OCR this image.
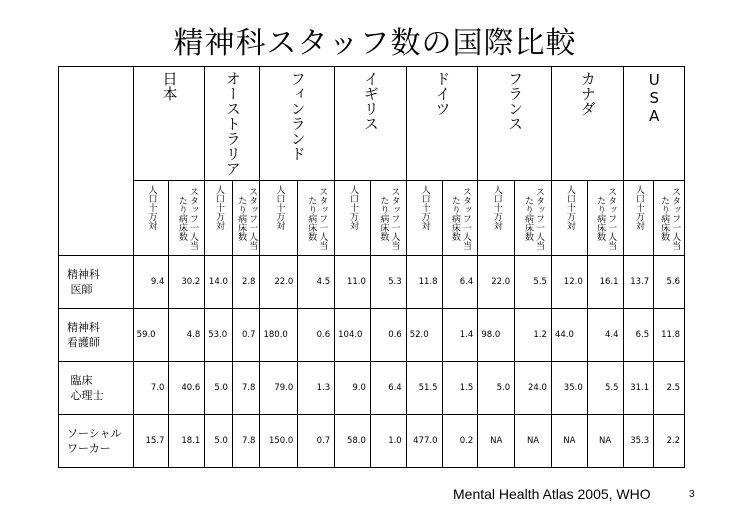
精神科スタッフ数の国際比較
	日本		オーストラリア		フィンランド		イギリス		ドイツ		フランス		カナダ		USA	
	人口十万対	スタッフ一人当たり病床数	人口十万対	スタッフ一人当たり病床数	人口十万対	スタッフ一人当たり病床数	人口十万対	スタッフ一人当たり病床数	人口十万対	スタッフ一人当たり病床数	人口十万対	スタッフ一人当たり病床数	人口十万対	スタッフ一人当たり病床数	人口十万対	スタッフ一人当たり病床数
精神科
医師	9.4	30.2	14.0	2.8	22.0	4.5	11.0	5.3	11.8	6.4	22.0	5.5	12.0	16.1	13.7	5.6
精神科
看護師	59.0	4.8	53.0	0.7	180.0	0.6	104.0	0.6	52.0	1.4	98.0	1.2	44.0	4.4	6.5	11.8
臨床
心理士	7.0	40.6	5.0	7.8	79.0	1.3	9.0	6.4	51.5	1.5	5.0	24.0	35.0	5.5	31.1	2.5
ソーシャル
ワーカー	15.7	18.1	5.0	7.8	150.0	0.7	58.0	1.0	477.0	0.2	NA	NA	NA	NA	35.3	2.2
Mental Health Atlas 2005, WHO	3
